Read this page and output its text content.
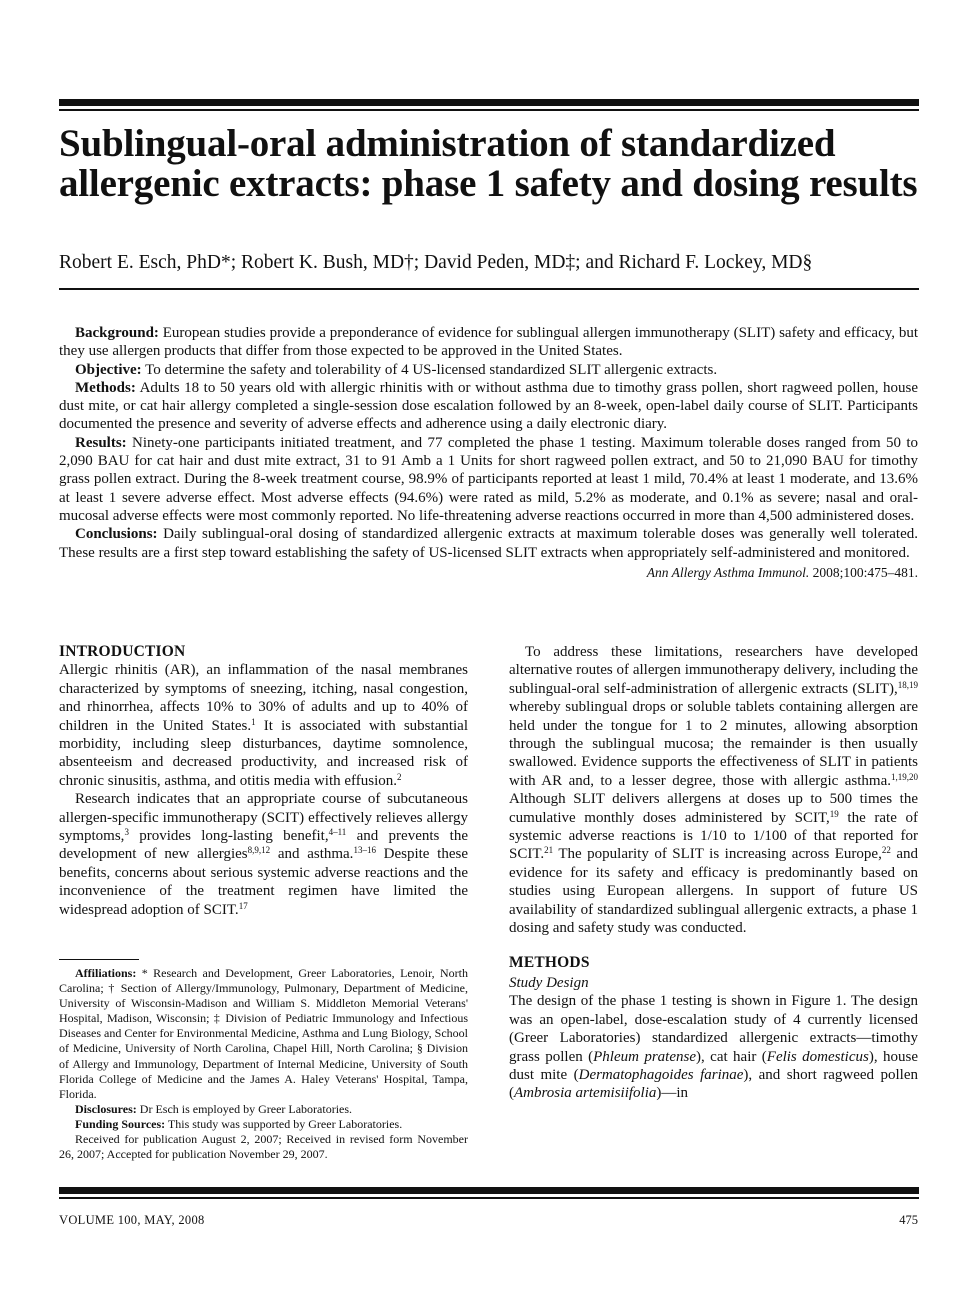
Sublingual-oral administration of standardized allergenic extracts: phase 1 safety and dosing results

Robert E. Esch, PhD*; Robert K. Bush, MD†; David Peden, MD‡; and Richard F. Lockey, MD§

Background: European studies provide a preponderance of evidence for sublingual allergen immunotherapy (SLIT) safety and efficacy, but they use allergen products that differ from those expected to be approved in the United States.

Objective: To determine the safety and tolerability of 4 US-licensed standardized SLIT allergenic extracts.

Methods: Adults 18 to 50 years old with allergic rhinitis with or without asthma due to timothy grass pollen, short ragweed pollen, house dust mite, or cat hair allergy completed a single-session dose escalation followed by an 8-week, open-label daily course of SLIT. Participants documented the presence and severity of adverse effects and adherence using a daily electronic diary.

Results: Ninety-one participants initiated treatment, and 77 completed the phase 1 testing. Maximum tolerable doses ranged from 50 to 2,090 BAU for cat hair and dust mite extract, 31 to 91 Amb a 1 Units for short ragweed pollen extract, and 50 to 21,090 BAU for timothy grass pollen extract. During the 8-week treatment course, 98.9% of participants reported at least 1 mild, 70.4% at least 1 moderate, and 13.6% at least 1 severe adverse effect. Most adverse effects (94.6%) were rated as mild, 5.2% as moderate, and 0.1% as severe; nasal and oral-mucosal adverse effects were most commonly reported. No life-threatening adverse reactions occurred in more than 4,500 administered doses.

Conclusions: Daily sublingual-oral dosing of standardized allergenic extracts at maximum tolerable doses was generally well tolerated. These results are a first step toward establishing the safety of US-licensed SLIT extracts when appropriately self-administered and monitored.

Ann Allergy Asthma Immunol. 2008;100:475–481.
INTRODUCTION

Allergic rhinitis (AR), an inflammation of the nasal membranes characterized by symptoms of sneezing, itching, nasal congestion, and rhinorrhea, affects 10% to 30% of adults and up to 40% of children in the United States.$^1$ It is associated with substantial morbidity, including sleep disturbances, daytime somnolence, absenteeism and decreased productivity, and increased risk of chronic sinusitis, asthma, and otitis media with effusion.$^2$

Research indicates that an appropriate course of subcutaneous allergen-specific immunotherapy (SCIT) effectively relieves allergy symptoms,$^3$ provides long-lasting benefit,$^{4-11}$ and prevents the development of new allergies$^{8,9,12}$ and asthma.$^{13-16}$ Despite these benefits, concerns about serious systemic adverse reactions and the inconvenience of the treatment regimen have limited the widespread adoption of SCIT.$^{17}$

Affiliations: * Research and Development, Greer Laboratories, Lenoir, North Carolina; † Section of Allergy/Immunology, Pulmonary, Department of Medicine, University of Wisconsin-Madison and William S. Middleton Memorial Veterans' Hospital, Madison, Wisconsin; ‡ Division of Pediatric Immunology and Infectious Diseases and Center for Environmental Medicine, Asthma and Lung Biology, School of Medicine, University of North Carolina, Chapel Hill, North Carolina; § Division of Allergy and Immunology, Department of Internal Medicine, University of South Florida College of Medicine and the James A. Haley Veterans' Hospital, Tampa, Florida.

Disclosures: Dr Esch is employed by Greer Laboratories.

Funding Sources: This study was supported by Greer Laboratories.

Received for publication August 2, 2007; Received in revised form November 26, 2007; Accepted for publication November 29, 2007.

To address these limitations, researchers have developed alternative routes of allergen immunotherapy delivery, including the sublingual-oral self-administration of allergenic extracts (SLIT),$^{18,19}$ whereby sublingual drops or soluble tablets containing allergen are held under the tongue for 1 to 2 minutes, allowing absorption through the sublingual mucosa; the remainder is then usually swallowed. Evidence supports the effectiveness of SLIT in patients with AR and, to a lesser degree, those with allergic asthma.$^{1,19,20}$ Although SLIT delivers allergens at doses up to 500 times the cumulative monthly doses administered by SCIT,$^{19}$ the rate of systemic adverse reactions is 1/10 to 1/100 of that reported for SCIT.$^{21}$ The popularity of SLIT is increasing across Europe,$^{22}$ and evidence for its safety and efficacy is predominantly based on studies using European allergens. In support of future US availability of standardized sublingual allergenic extracts, a phase 1 dosing and safety study was conducted.

METHODS
Study Design

The design of the phase 1 testing is shown in Figure 1. The design was an open-label, dose-escalation study of 4 currently licensed (Greer Laboratories) standardized allergenic extracts—timothy grass pollen (Phleum pratense), cat hair (Felis domesticus), house dust mite (Dermatophagoides farinae), and short ragweed pollen (Ambrosia artemisiifolia)—in

VOLUME 100, MAY, 2008	475
